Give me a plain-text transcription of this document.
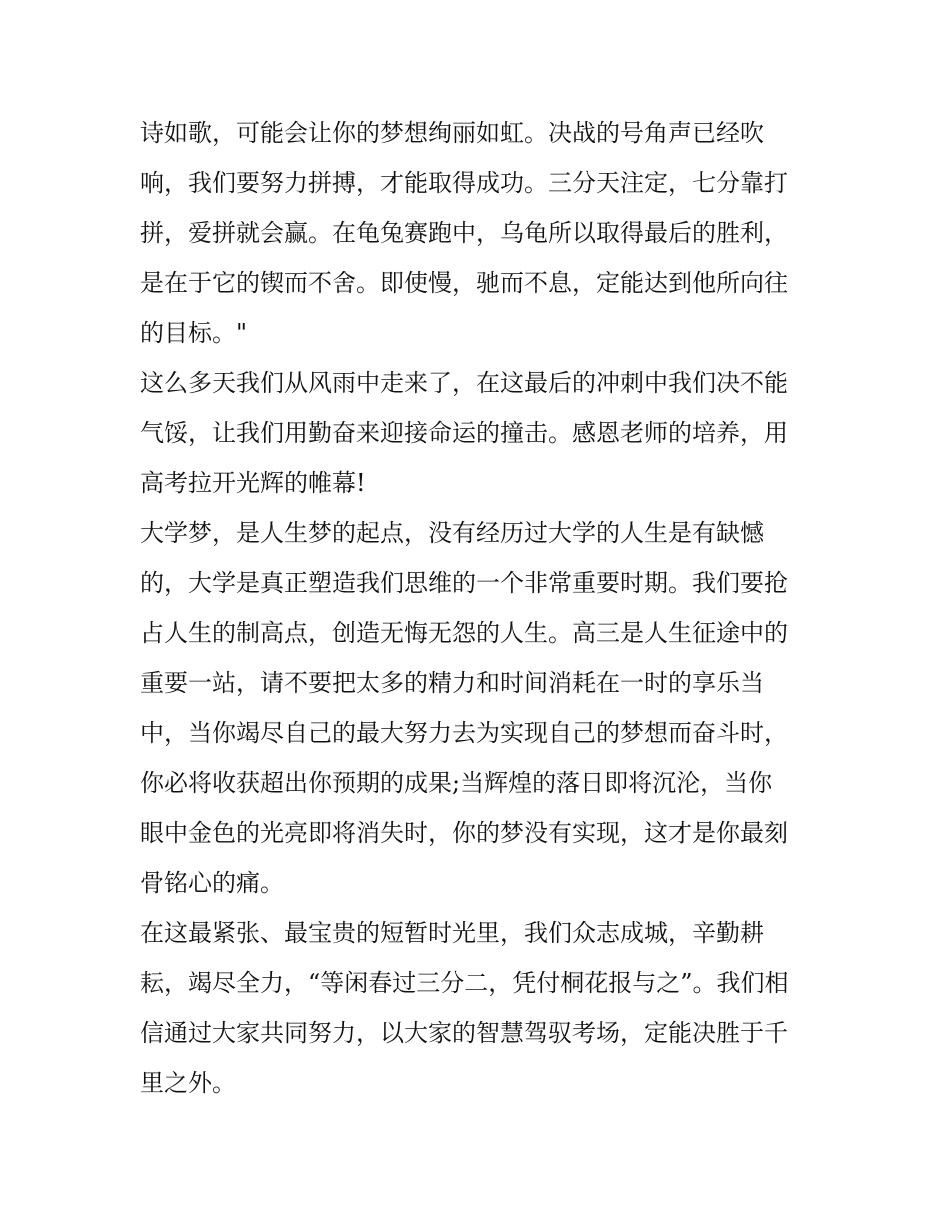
诗如歌，可能会让你的梦想绚丽如虹。决战的号角声已经吹
响，我们要努力拼搏，才能取得成功。三分天注定，七分靠打
拼，爱拼就会赢。在龟兔赛跑中，乌龟所以取得最后的胜利，
是在于它的锲而不舍。即使慢，驰而不息，定能达到他所向往
的目标。"

这么多天我们从风雨中走来了，在这最后的冲刺中我们决不能
气馁，让我们用勤奋来迎接命运的撞击。感恩老师的培养，用
高考拉开光辉的帷幕!

大学梦，是人生梦的起点，没有经历过大学的人生是有缺憾
的，大学是真正塑造我们思维的一个非常重要时期。我们要抢
占人生的制高点，创造无悔无怨的人生。高三是人生征途中的
重要一站，请不要把太多的精力和时间消耗在一时的享乐当
中，当你竭尽自己的最大努力去为实现自己的梦想而奋斗时，
你必将收获超出你预期的成果;当辉煌的落日即将沉沦，当你
眼中金色的光亮即将消失时，你的梦没有实现，这才是你最刻
骨铭心的痛。

在这最紧张、最宝贵的短暂时光里，我们众志成城，辛勤耕
耘，竭尽全力，“等闲春过三分二，凭付桐花报与之”。我们相
信通过大家共同努力，以大家的智慧驾驭考场，定能决胜于千
里之外。
